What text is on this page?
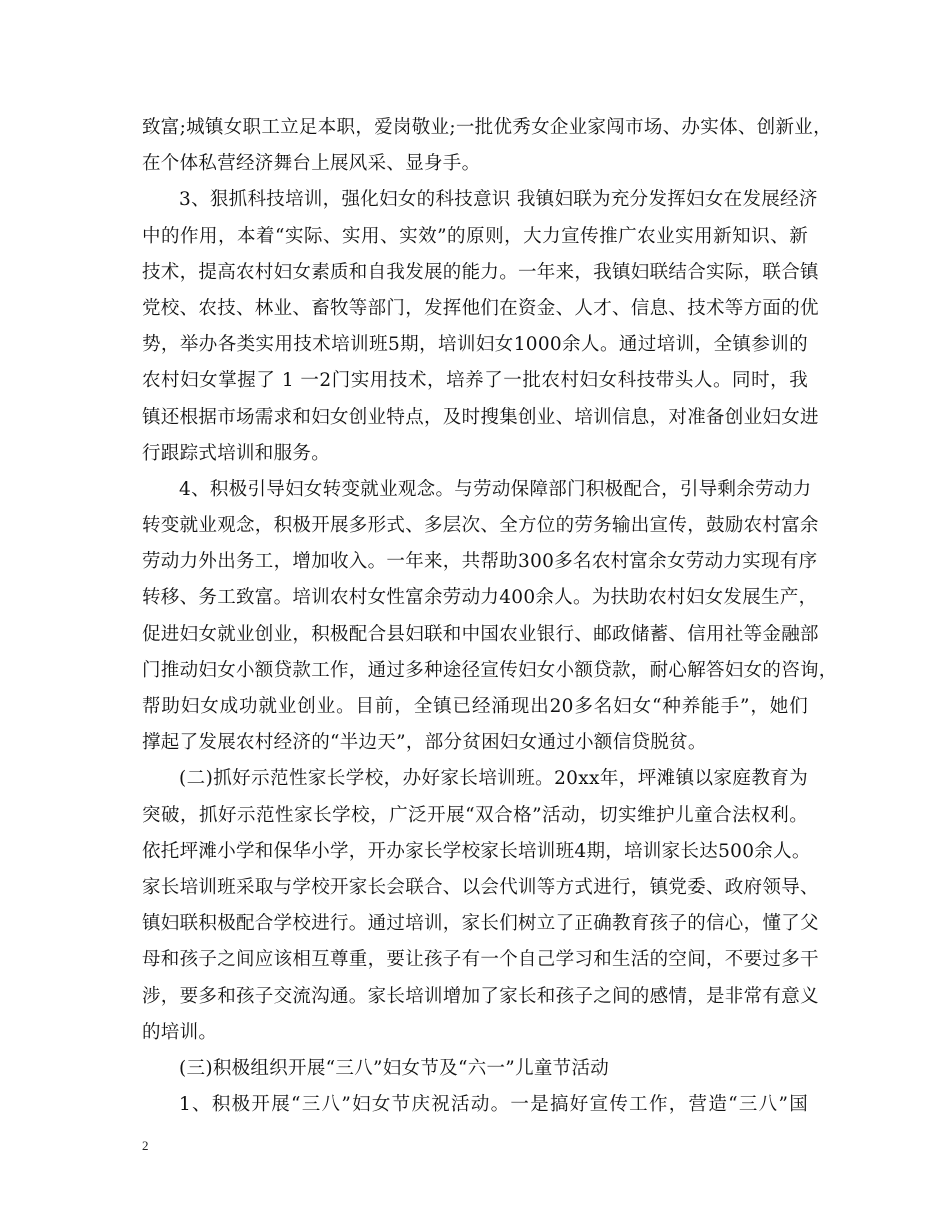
致富;城镇女职工立足本职，爱岗敬业;一批优秀女企业家闯市场、办实体、创新业，
在个体私营经济舞台上展风采、显身手。
3、狠抓科技培训，强化妇女的科技意识 我镇妇联为充分发挥妇女在发展经济
中的作用，本着“实际、实用、实效”的原则，大力宣传推广农业实用新知识、新
技术，提高农村妇女素质和自我发展的能力。一年来，我镇妇联结合实际，联合镇
党校、农技、林业、畜牧等部门，发挥他们在资金、人才、信息、技术等方面的优
势，举办各类实用技术培训班5期，培训妇女1000余人。通过培训，全镇参训的
农村妇女掌握了 1 一2门实用技术，培养了一批农村妇女科技带头人。同时，我
镇还根据市场需求和妇女创业特点，及时搜集创业、培训信息，对准备创业妇女进
行跟踪式培训和服务。
4、积极引导妇女转变就业观念。与劳动保障部门积极配合，引导剩余劳动力
转变就业观念，积极开展多形式、多层次、全方位的劳务输出宣传，鼓励农村富余
劳动力外出务工，增加收入。一年来，共帮助300多名农村富余女劳动力实现有序
转移、务工致富。培训农村女性富余劳动力400余人。为扶助农村妇女发展生产，
促进妇女就业创业，积极配合县妇联和中国农业银行、邮政储蓄、信用社等金融部
门推动妇女小额贷款工作，通过多种途径宣传妇女小额贷款，耐心解答妇女的咨询，
帮助妇女成功就业创业。目前，全镇已经涌现出20多名妇女“种养能手”，她们
撑起了发展农村经济的“半边天”，部分贫困妇女通过小额信贷脱贫。
(二)抓好示范性家长学校，办好家长培训班。20xx年，坪滩镇以家庭教育为
突破，抓好示范性家长学校，广泛开展“双合格”活动，切实维护儿童合法权利。
依托坪滩小学和保华小学，开办家长学校家长培训班4期，培训家长达500余人。
家长培训班采取与学校开家长会联合、以会代训等方式进行，镇党委、政府领导、
镇妇联积极配合学校进行。通过培训，家长们树立了正确教育孩子的信心，懂了父
母和孩子之间应该相互尊重，要让孩子有一个自己学习和生活的空间，不要过多干
涉，要多和孩子交流沟通。家长培训增加了家长和孩子之间的感情，是非常有意义
的培训。
(三)积极组织开展“三八”妇女节及“六一”儿童节活动
1、积极开展“三八”妇女节庆祝活动。一是搞好宣传工作，营造“三八”国
2
